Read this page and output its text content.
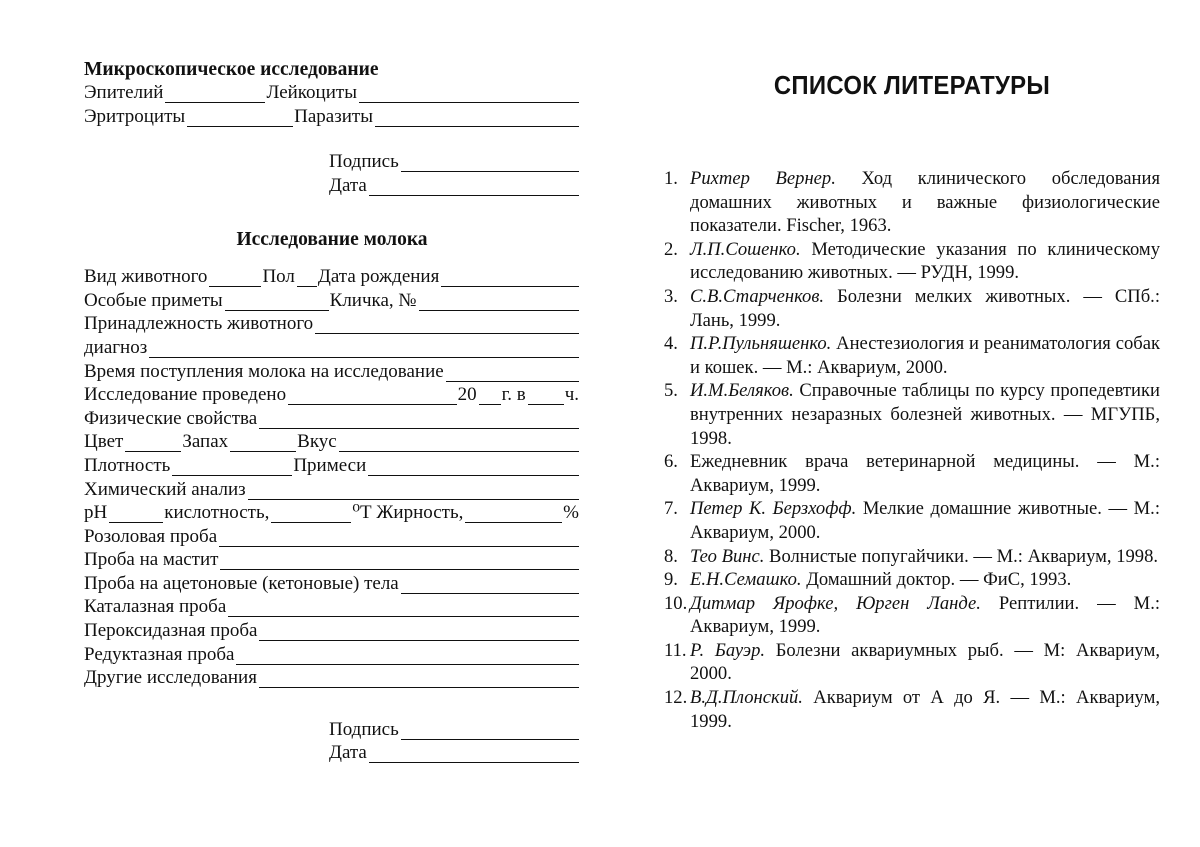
Микроскопическое исследование
Эпителий	Лейкоциты
Эритроциты	Паразиты
Подпись
Дата
Исследование молока
Вид животного	Пол Дата рождения
Особые приметы	Кличка, №
Принадлежность животного
диагноз
Время поступления молока на исследование
Исследование проведено	20 г. в ч.
Физические свойства
Цвет	Запах	Вкус
Плотность	Примеси
Химический анализ
pH	кислотность,	⁰Т Жирность,	%
Розоловая проба
Проба на мастит
Проба на ацетоновые (кетоновые) тела
Каталазная проба
Пероксидазная проба
Редуктазная проба
Другие исследования
Подпись
Дата
СПИСОК ЛИТЕРАТУРЫ
1. Рихтер Вернер. Ход клинического обследования домашних животных и важные физиологические показатели. Fischer, 1963.
2. Л.П.Сошенко. Методические указания по клиническому исследованию животных. — РУДН, 1999.
3. С.В.Старченков. Болезни мелких животных. — СПб.: Лань, 1999.
4. П.Р.Пульняшенко. Анестезиология и реаниматология собак и кошек. — М.: Аквариум, 2000.
5. И.М.Беляков. Справочные таблицы по курсу пропедевтики внутренних незаразных болезней животных. — МГУПБ, 1998.
6. Ежедневник врача ветеринарной медицины. — М.: Аквариум, 1999.
7. Петер К. Берзхофф. Мелкие домашние животные. — М.: Аквариум, 2000.
8. Тео Винс. Волнистые попугайчики. — М.: Аквариум, 1998.
9. Е.Н.Семашко. Домашний доктор. — ФиС, 1993.
10. Дитмар Ярофке, Юрген Ланде. Рептилии. — М.: Аквариум, 1999.
11. Р. Бауэр. Болезни аквариумных рыб. — М: Аквариум, 2000.
12. В.Д.Плонский. Аквариум от А до Я. — М.: Аквариум, 1999.
